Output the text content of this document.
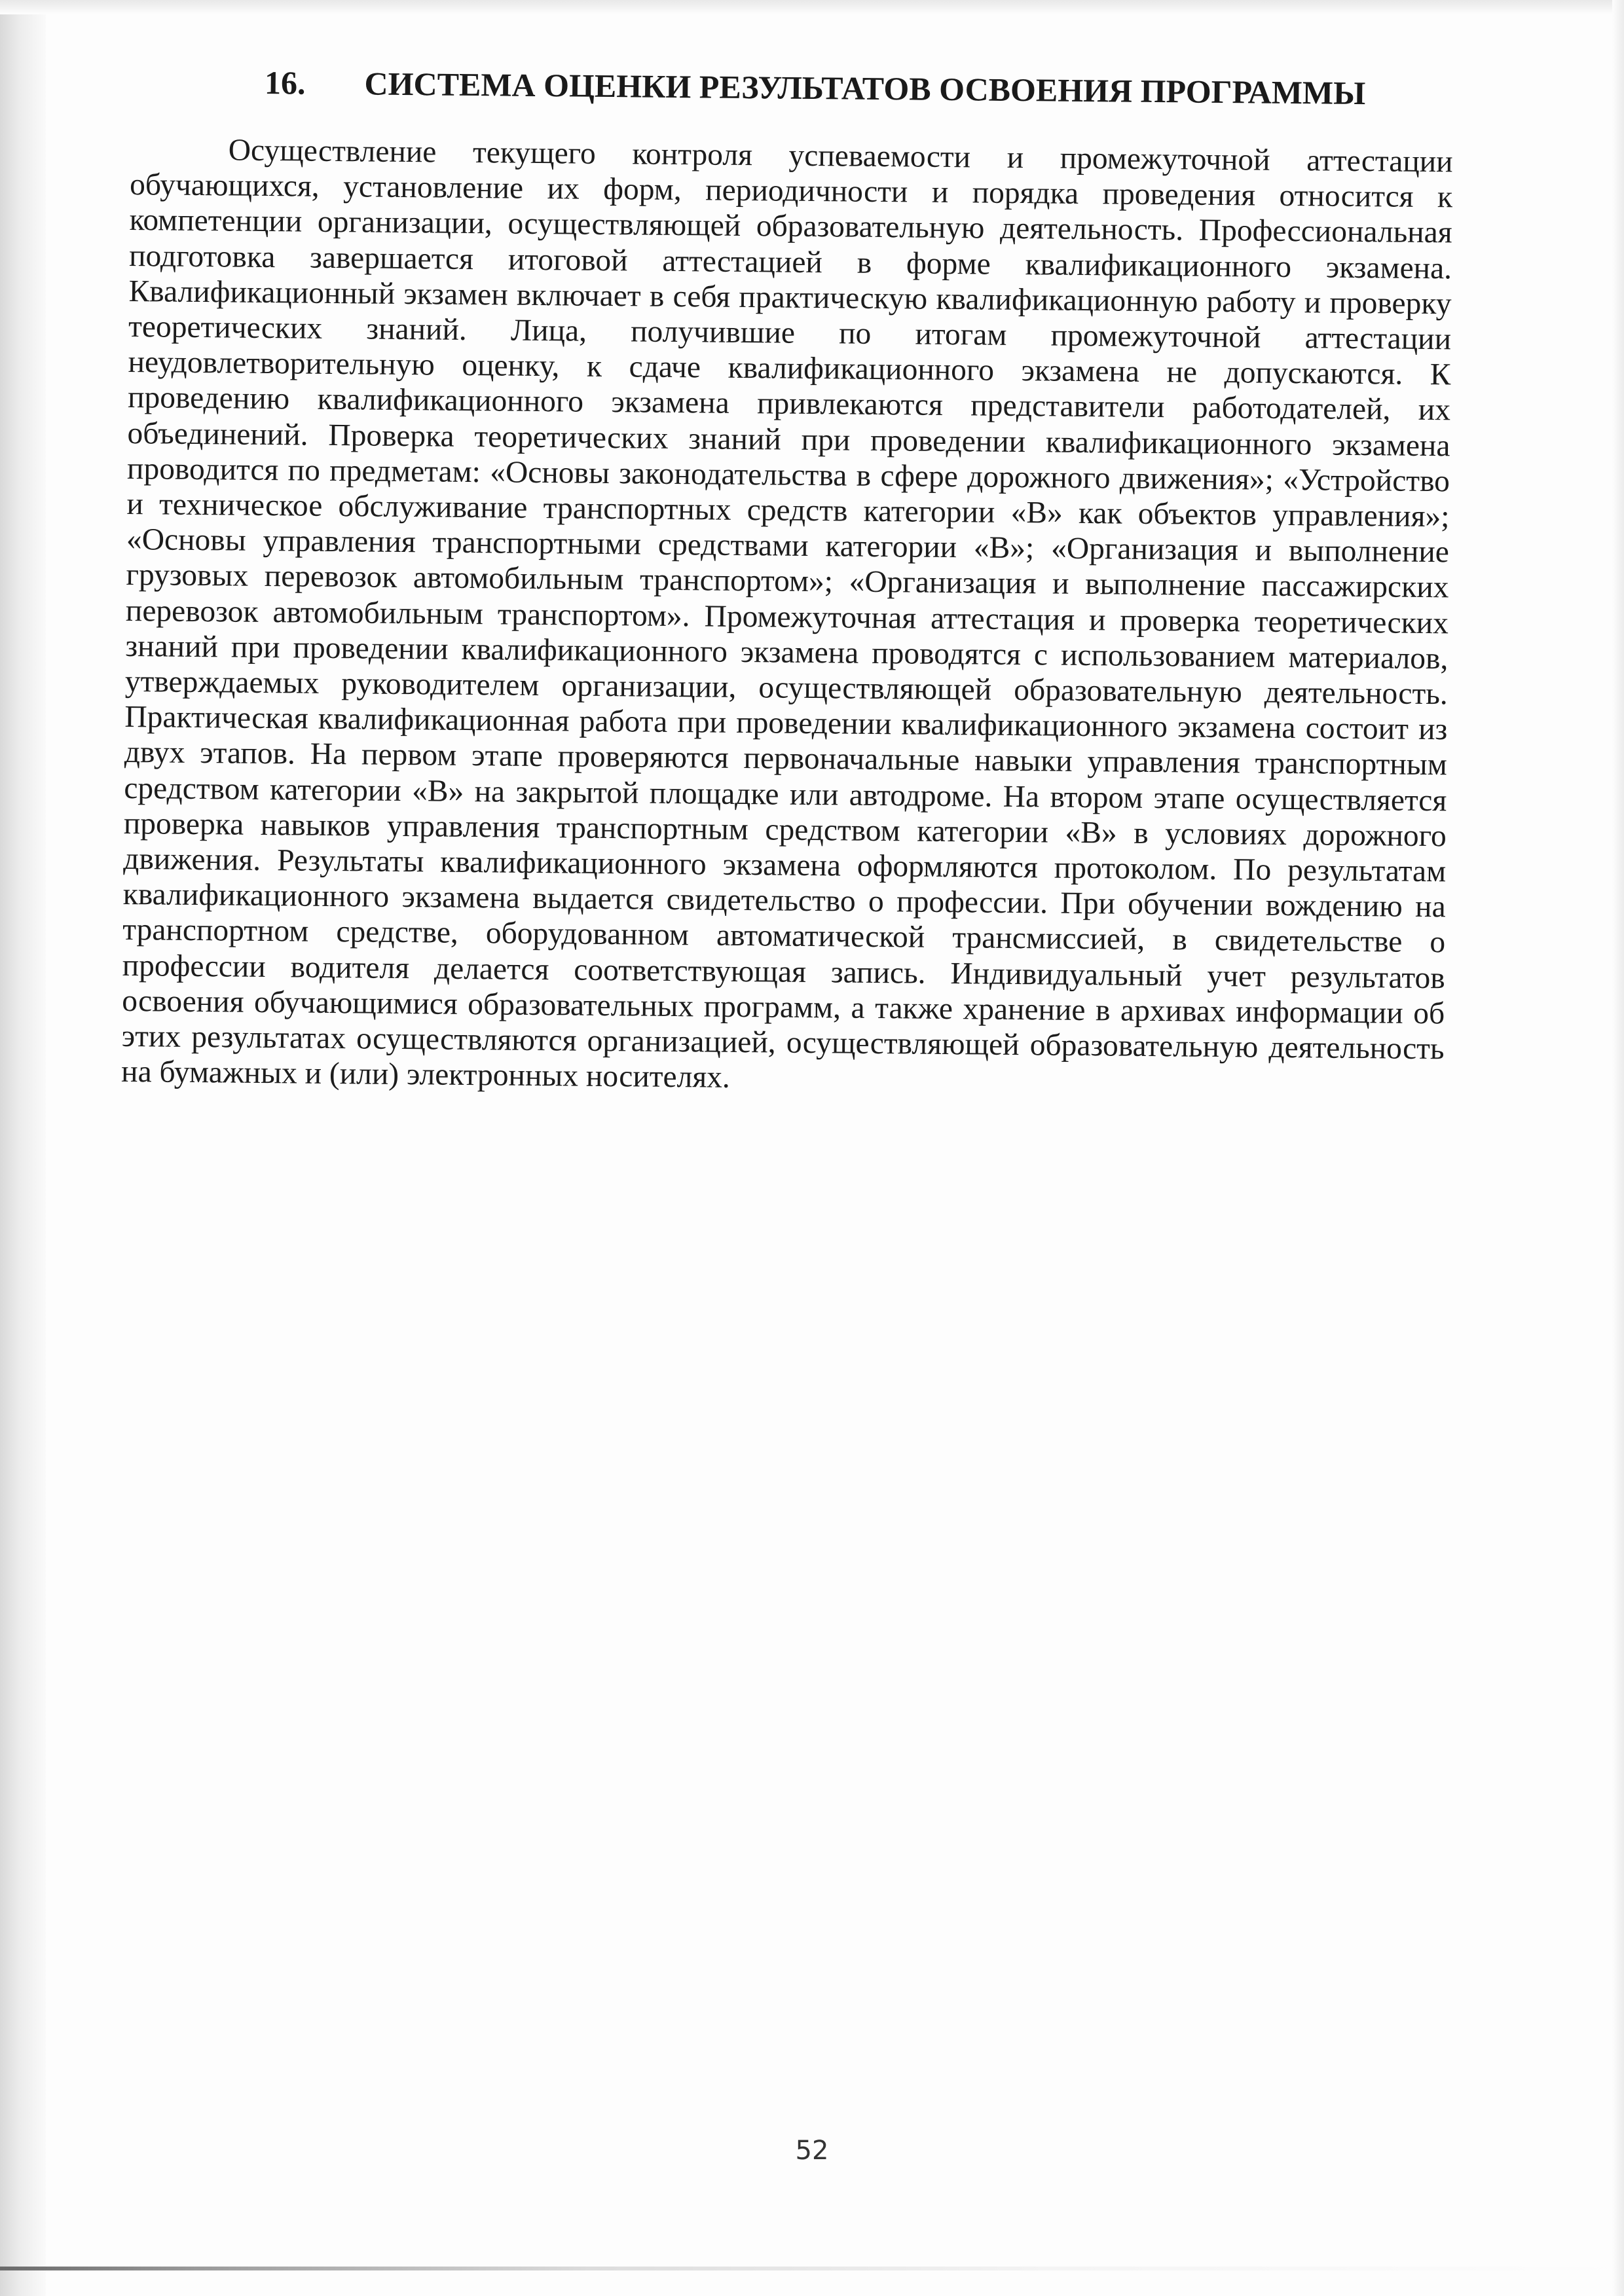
16. СИСТЕМА ОЦЕНКИ РЕЗУЛЬТАТОВ ОСВОЕНИЯ ПРОГРАММЫ

Осуществление текущего контроля успеваемости и промежуточной аттестации обучающихся, установление их форм, периодичности и порядка проведения относится к компетенции организации, осуществляющей образовательную деятельность. Профессиональная подготовка завершается итоговой аттестацией в форме квалификационного экзамена. Квалификационный экзамен включает в себя практическую квалификационную работу и проверку теоретических знаний. Лица, получившие по итогам промежуточной аттестации неудовлетворительную оценку, к сдаче квалификационного экзамена не допускаются. К проведению квалификационного экзамена привлекаются представители работодателей, их объединений. Проверка теоретических знаний при проведении квалификационного экзамена проводится по предметам: «Основы законодательства в сфере дорожного движения»; «Устройство и техническое обслуживание транспортных средств категории «В» как объектов управления»; «Основы управления транспортными средствами категории «В»; «Организация и выполнение грузовых перевозок автомобильным транспортом»; «Организация и выполнение пассажирских перевозок автомобильным транспортом». Промежуточная аттестация и проверка теоретических знаний при проведении квалификационного экзамена проводятся с использованием материалов, утверждаемых руководителем организации, осуществляющей образовательную деятельность. Практическая квалификационная работа при проведении квалификационного экзамена состоит из двух этапов. На первом этапе проверяются первоначальные навыки управления транспортным средством категории «В» на закрытой площадке или автодроме. На втором этапе осуществляется проверка навыков управления транспортным средством категории «В» в условиях дорожного движения. Результаты квалификационного экзамена оформляются протоколом. По результатам квалификационного экзамена выдается свидетельство о профессии. При обучении вождению на транспортном средстве, оборудованном автоматической трансмиссией, в свидетельстве о профессии водителя делается соответствующая запись. Индивидуальный учет результатов освоения обучающимися образовательных программ, а также хранение в архивах информации об этих результатах осуществляются организацией, осуществляющей образовательную деятельность на бумажных и (или) электронных носителях.

52
